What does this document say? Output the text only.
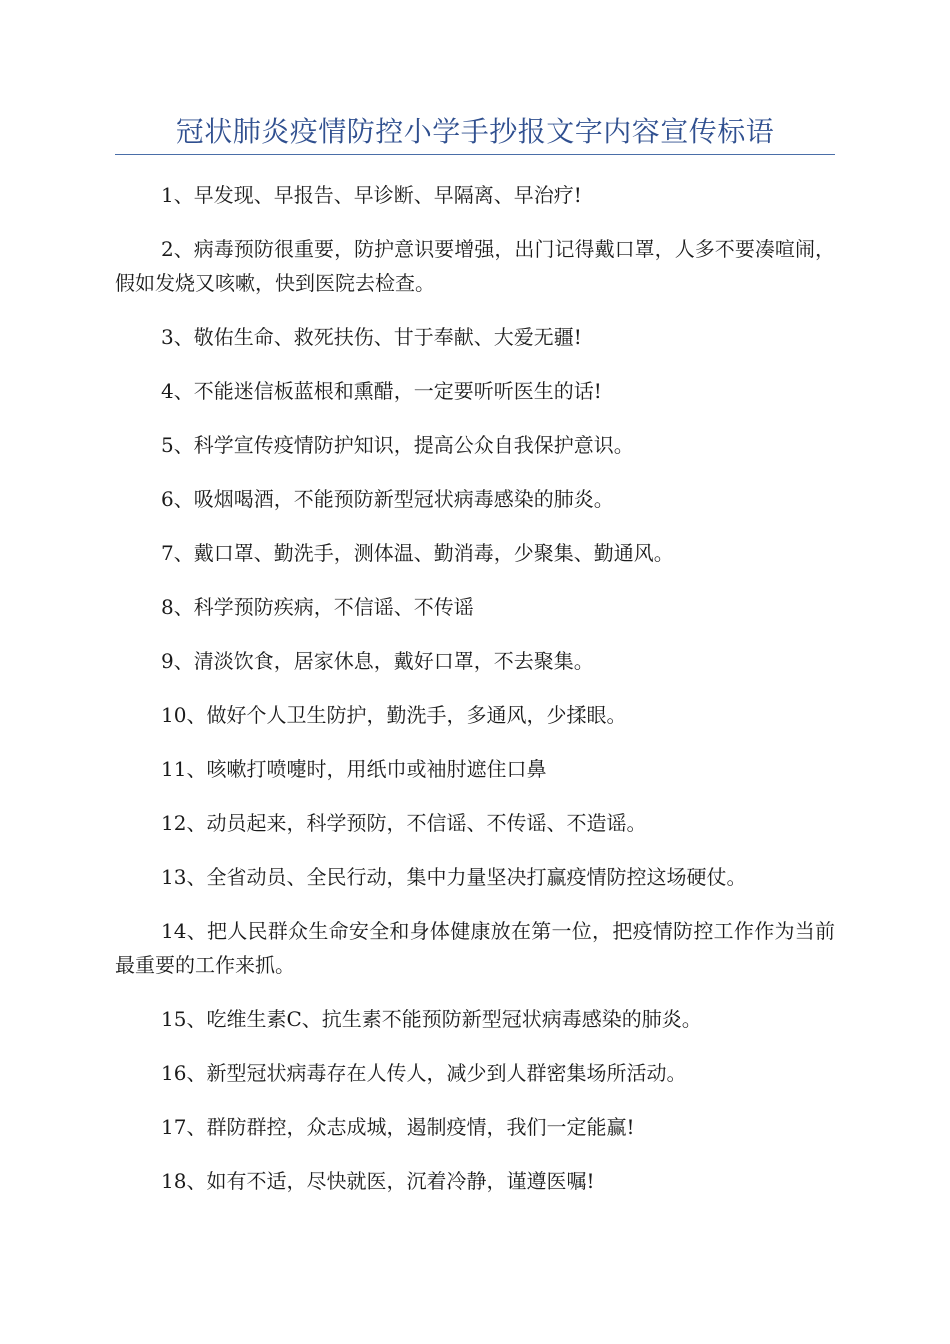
冠状肺炎疫情防控小学手抄报文字内容宣传标语

1、早发现、早报告、早诊断、早隔离、早治疗!

2、病毒预防很重要，防护意识要增强，出门记得戴口罩，人多不要凑喧闹，假如发烧又咳嗽，快到医院去检查。

3、敬佑生命、救死扶伤、甘于奉献、大爱无疆!

4、不能迷信板蓝根和熏醋，一定要听听医生的话!

5、科学宣传疫情防护知识，提高公众自我保护意识。

6、吸烟喝酒，不能预防新型冠状病毒感染的肺炎。

7、戴口罩、勤洗手，测体温、勤消毒，少聚集、勤通风。

8、科学预防疾病，不信谣、不传谣

9、清淡饮食，居家休息，戴好口罩，不去聚集。

10、做好个人卫生防护，勤洗手，多通风，少揉眼。

11、咳嗽打喷嚏时，用纸巾或袖肘遮住口鼻

12、动员起来，科学预防，不信谣、不传谣、不造谣。

13、全省动员、全民行动，集中力量坚决打赢疫情防控这场硬仗。

14、把人民群众生命安全和身体健康放在第一位，把疫情防控工作作为当前最重要的工作来抓。

15、吃维生素C、抗生素不能预防新型冠状病毒感染的肺炎。

16、新型冠状病毒存在人传人，减少到人群密集场所活动。

17、群防群控，众志成城，遏制疫情，我们一定能赢!

18、如有不适，尽快就医，沉着冷静，谨遵医嘱!
